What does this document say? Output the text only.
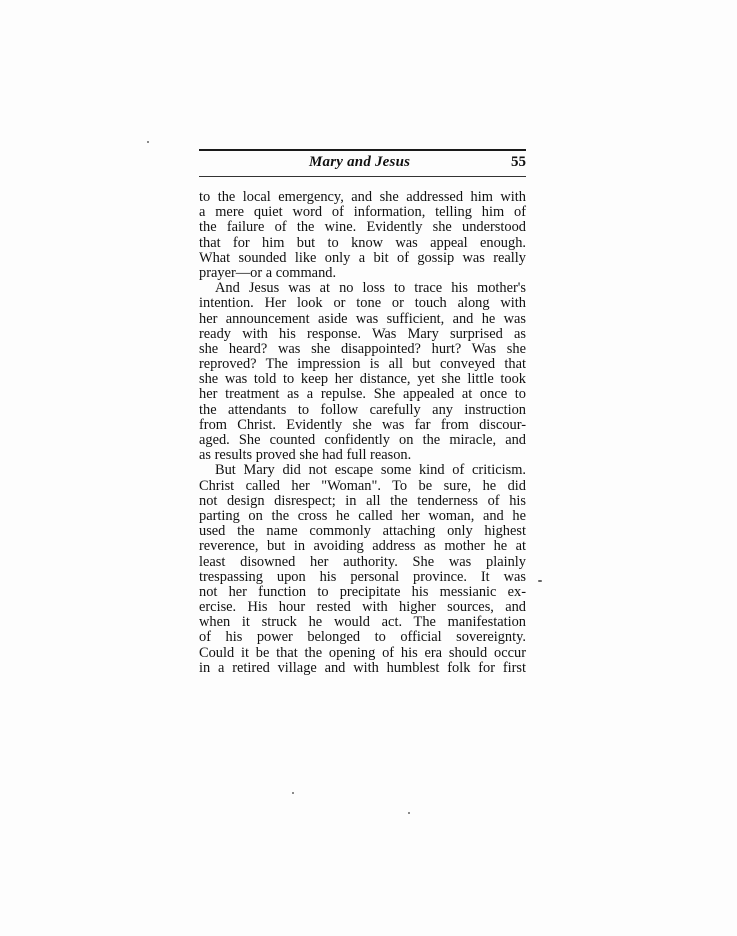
Mary and Jesus	55
to the local emergency, and she addressed him with
a mere quiet word of information, telling him of
the failure of the wine. Evidently she understood
that for him but to know was appeal enough.
What sounded like only a bit of gossip was really
prayer—or a command.
And Jesus was at no loss to trace his mother's
intention. Her look or tone or touch along with
her announcement aside was sufficient, and he was
ready with his response. Was Mary surprised as
she heard? was she disappointed? hurt? Was she
reproved? The impression is all but conveyed that
she was told to keep her distance, yet she little took
her treatment as a repulse. She appealed at once to
the attendants to follow carefully any instruction
from Christ. Evidently she was far from discour-
aged. She counted confidently on the miracle, and
as results proved she had full reason.
But Mary did not escape some kind of criticism.
Christ called her "Woman". To be sure, he did
not design disrespect; in all the tenderness of his
parting on the cross he called her woman, and he
used the name commonly attaching only highest
reverence, but in avoiding address as mother he at
least disowned her authority. She was plainly
trespassing upon his personal province. It was
not her function to precipitate his messianic ex-
ercise. His hour rested with higher sources, and
when it struck he would act. The manifestation
of his power belonged to official sovereignty.
Could it be that the opening of his era should occur
in a retired village and with humblest folk for first
